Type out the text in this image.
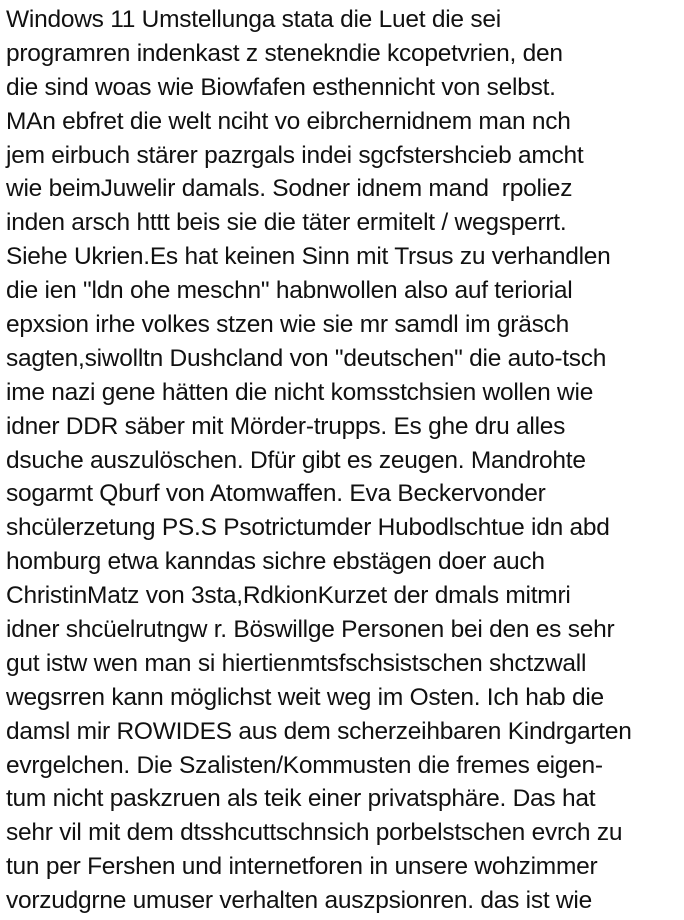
Windows 11 Umstellunga stata die Luet die sei
programren indenkast z stenekndie kcopetvrien, den
die sind woas wie Biowfafen esthennicht von selbst.
MAn ebfret die welt nciht vo eibrchernidnem man nch
jem eirbuch stärer pazrgals indei sgcfstershcieb amcht
wie beimJuwelir damals. Sodner idnem mand  rpoliez
inden arsch httt beis sie die täter ermitelt / wegsperrt.
Siehe Ukrien.Es hat keinen Sinn mit Trsus zu verhandlen
die ien "ldn ohe meschn" habnwollen also auf teriorial
epxsion irhe volkes stzen wie sie mr samdl im gräsch
sagten,siwolltn Dushcland von "deutschen" die auto-tsch
ime nazi gene hätten die nicht komsstchsien wollen wie
idner DDR säber mit Mörder-trupps. Es ghe dru alles
dsuche auszulöschen. Dfür gibt es zeugen. Mandrohte
sogarmt Qburf von Atomwaffen. Eva Beckervonder
shcülerzetung PS.S Psotrictumder Hubodlschtue idn abd
homburg etwa kanndas sichre ebstägen doer auch
ChristinMatz von 3sta,RdkionKurzet der dmals mitmri
idner shcüelrutngw r. Böswillge Personen bei den es sehr
gut istw wen man si hiertienmtsfschsistschen shctzwall
wegsrren kann möglichst weit weg im Osten. Ich hab die
damsl mir ROWIDES aus dem scherzeihbaren Kindrgarten
evrgelchen. Die Szalisten/Kommusten die fremes eigen-
tum nicht paskzruen als teik einer privatsphäre. Das hat
sehr vil mit dem dtsshcuttschnsich porbelstschen evrch zu
tun per Fershen und internetforen in unsere wohzimmer
vorzudgrne umuser verhalten auszpsionren. das ist wie
